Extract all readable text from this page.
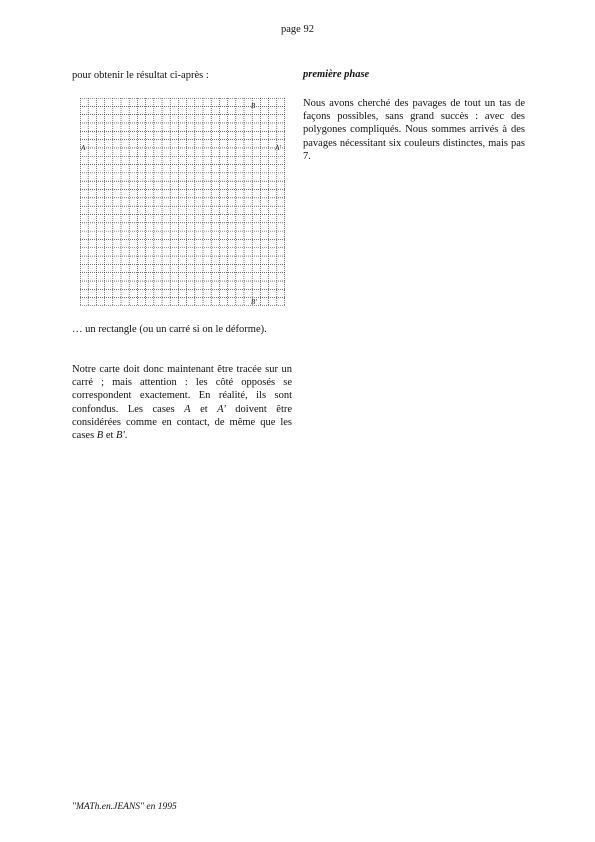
page 92
pour obtenir le résultat ci-après :
B
A	A'
B'

… un rectangle (ou un carré si on le déforme).

Notre carte doit donc maintenant être tracée sur un carré ; mais attention : les côté opposés se correspondent exactement. En réalité, ils sont confondus. Les cases A et A' doivent être considérées comme en contact, de même que les cases B et B'.

première phase

Nous avons cherché des pavages de tout un tas de façons possibles, sans grand succès : avec des polygones compliqués. Nous sommes arrivés à des pavages nécessitant six couleurs distinctes, mais pas 7.

"MATh.en.JEANS" en 1995
